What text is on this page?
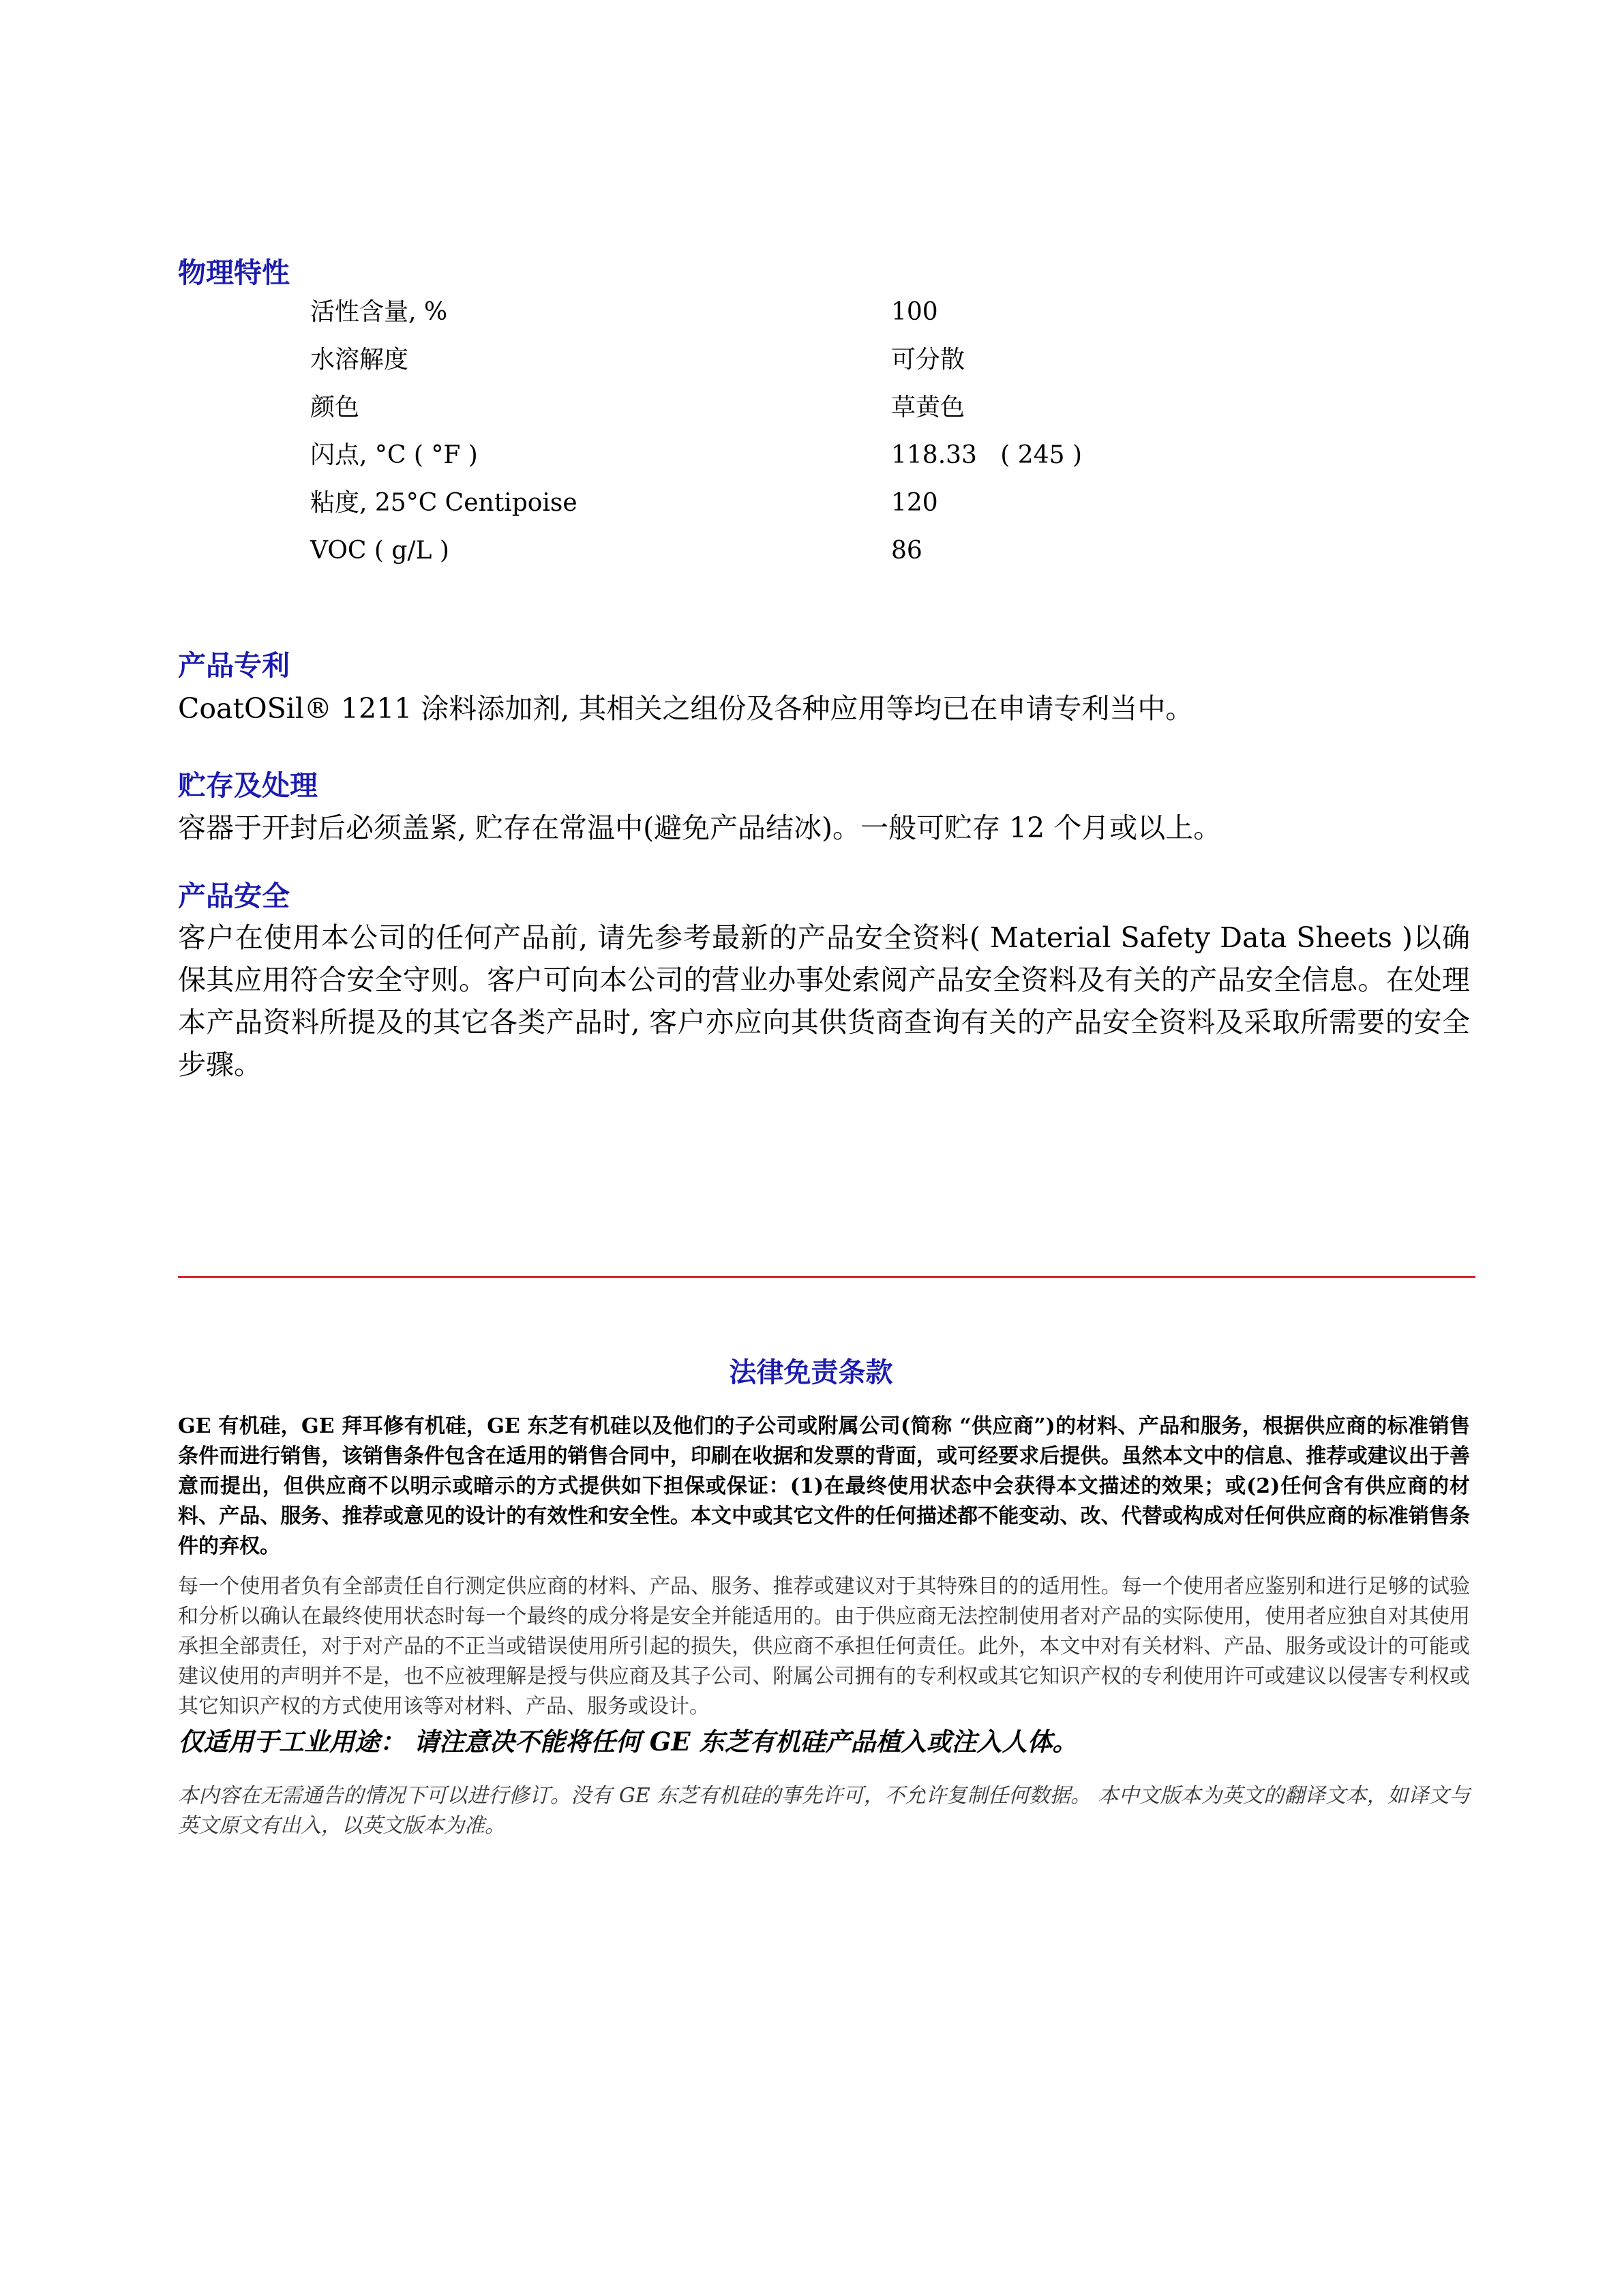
物理特性
活性含量, %	100
水溶解度	可分散
颜色	草黄色
闪点, °C ( °F )	118.33   ( 245 )
粘度, 25°C Centipoise	120
VOC ( g/L )	86
产品专利
CoatOSil® 1211 涂料添加剂, 其相关之组份及各种应用等均已在申请专利当中。
贮存及处理
容器于开封后必须盖紧, 贮存在常温中(避免产品结冰)。一般可贮存 12 个月或以上。
产品安全
客户在使用本公司的任何产品前, 请先参考最新的产品安全资料( Material Safety Data Sheets )以确保其应用符合安全守则。客户可向本公司的营业办事处索阅产品安全资料及有关的产品安全信息。在处理本产品资料所提及的其它各类产品时, 客户亦应向其供货商查询有关的产品安全资料及采取所需要的安全步骤。
法律免责条款
GE 有机硅，GE 拜耳修有机硅，GE 东芝有机硅以及他们的子公司或附属公司(简称 “供应商”)的材料、产品和服务，根据供应商的标准销售条件而进行销售，该销售条件包含在适用的销售合同中，印刷在收据和发票的背面，或可经要求后提供。虽然本文中的信息、推荐或建议出于善意而提出，但供应商不以明示或暗示的方式提供如下担保或保证：(1)在最终使用状态中会获得本文描述的效果；或(2)任何含有供应商的材料、产品、服务、推荐或意见的设计的有效性和安全性。本文中或其它文件的任何描述都不能变动、改、代替或构成对任何供应商的标准销售条件的弃权。
每一个使用者负有全部责任自行测定供应商的材料、产品、服务、推荐或建议对于其特殊目的的适用性。每一个使用者应鉴别和进行足够的试验和分析以确认在最终使用状态时每一个最终的成分将是安全并能适用的。由于供应商无法控制使用者对产品的实际使用，使用者应独自对其使用承担全部责任，对于对产品的不正当或错误使用所引起的损失，供应商不承担任何责任。此外，本文中对有关材料、产品、服务或设计的可能或建议使用的声明并不是，也不应被理解是授与供应商及其子公司、附属公司拥有的专利权或其它知识产权的专利使用许可或建议以侵害专利权或其它知识产权的方式使用该等对材料、产品、服务或设计。
仅适用于工业用途： 请注意决不能将任何 GE 东芝有机硅产品植入或注入人体。
本内容在无需通告的情况下可以进行修订。没有 GE 东芝有机硅的事先许可，不允许复制任何数据。 本中文版本为英文的翻译文本，如译文与英文原文有出入，以英文版本为准。
